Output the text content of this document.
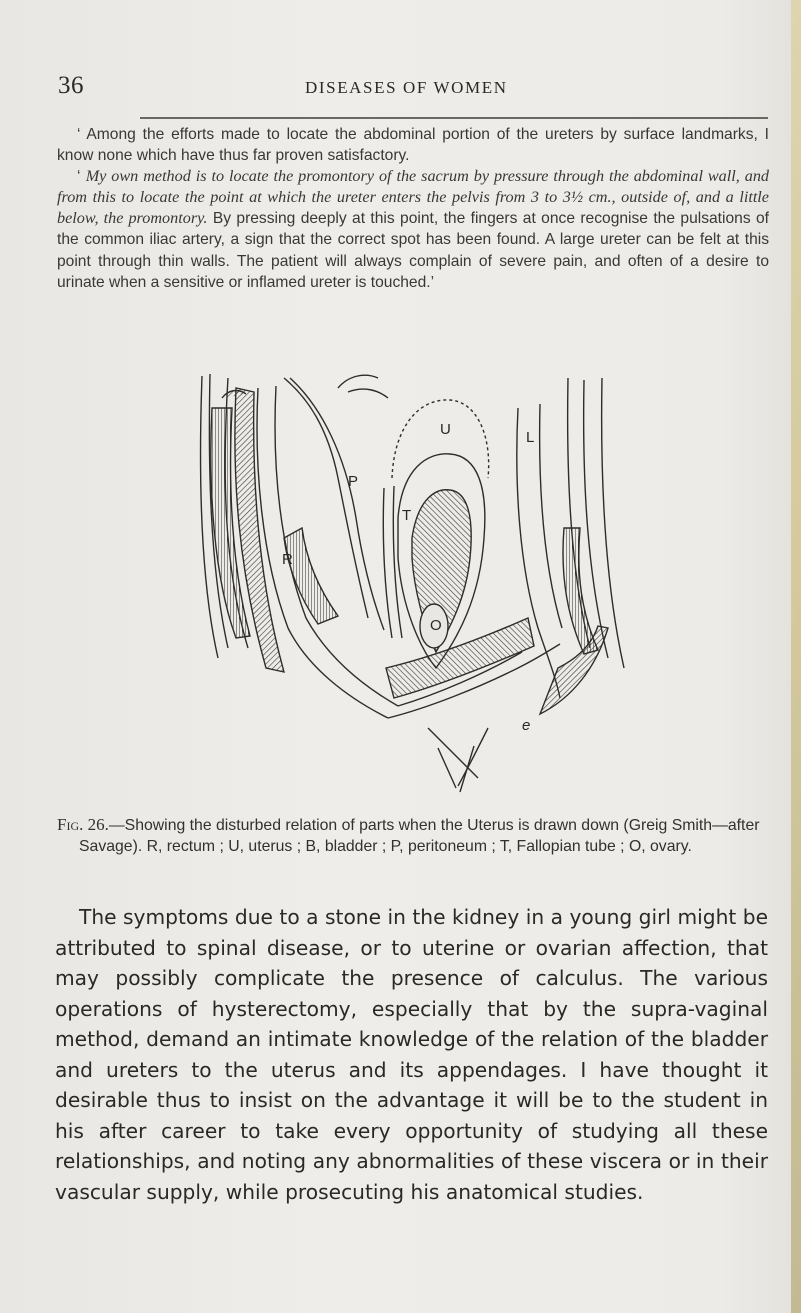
36	DISEASES OF WOMEN

‘ Among the efforts made to locate the abdominal portion of the ureters by surface landmarks, I know none which have thus far proven satisfactory.

‘ My own method is to locate the promontory of the sacrum by pressure through the abdominal wall, and from this to locate the point at which the ureter enters the pelvis from 3 to 3½ cm., outside of, and a little below, the promontory. By pressing deeply at this point, the fingers at once recognise the pulsations of the common iliac artery, a sign that the correct spot has been found. A large ureter can be felt at this point through thin walls. The patient will always complain of severe pain, and often of a desire to urinate when a sensitive or inflamed ureter is touched.’

P
U	L
T
O
R
e

Fig. 26.—Showing the disturbed relation of parts when the Uterus is drawn down (Greig Smith—after Savage). R, rectum ; U, uterus ; B, bladder ; P, peritoneum ; T, Fallopian tube ; O, ovary.

The symptoms due to a stone in the kidney in a young girl might be attributed to spinal disease, or to uterine or ovarian affection, that may possibly complicate the presence of calculus. The various operations of hysterectomy, especially that by the supra-vaginal method, demand an intimate knowledge of the relation of the bladder and ureters to the uterus and its appendages. I have thought it desirable thus to insist on the advantage it will be to the student in his after career to take every opportunity of studying all these relationships, and noting any abnormalities of these viscera or in their vascular supply, while prosecuting his anatomical studies.
